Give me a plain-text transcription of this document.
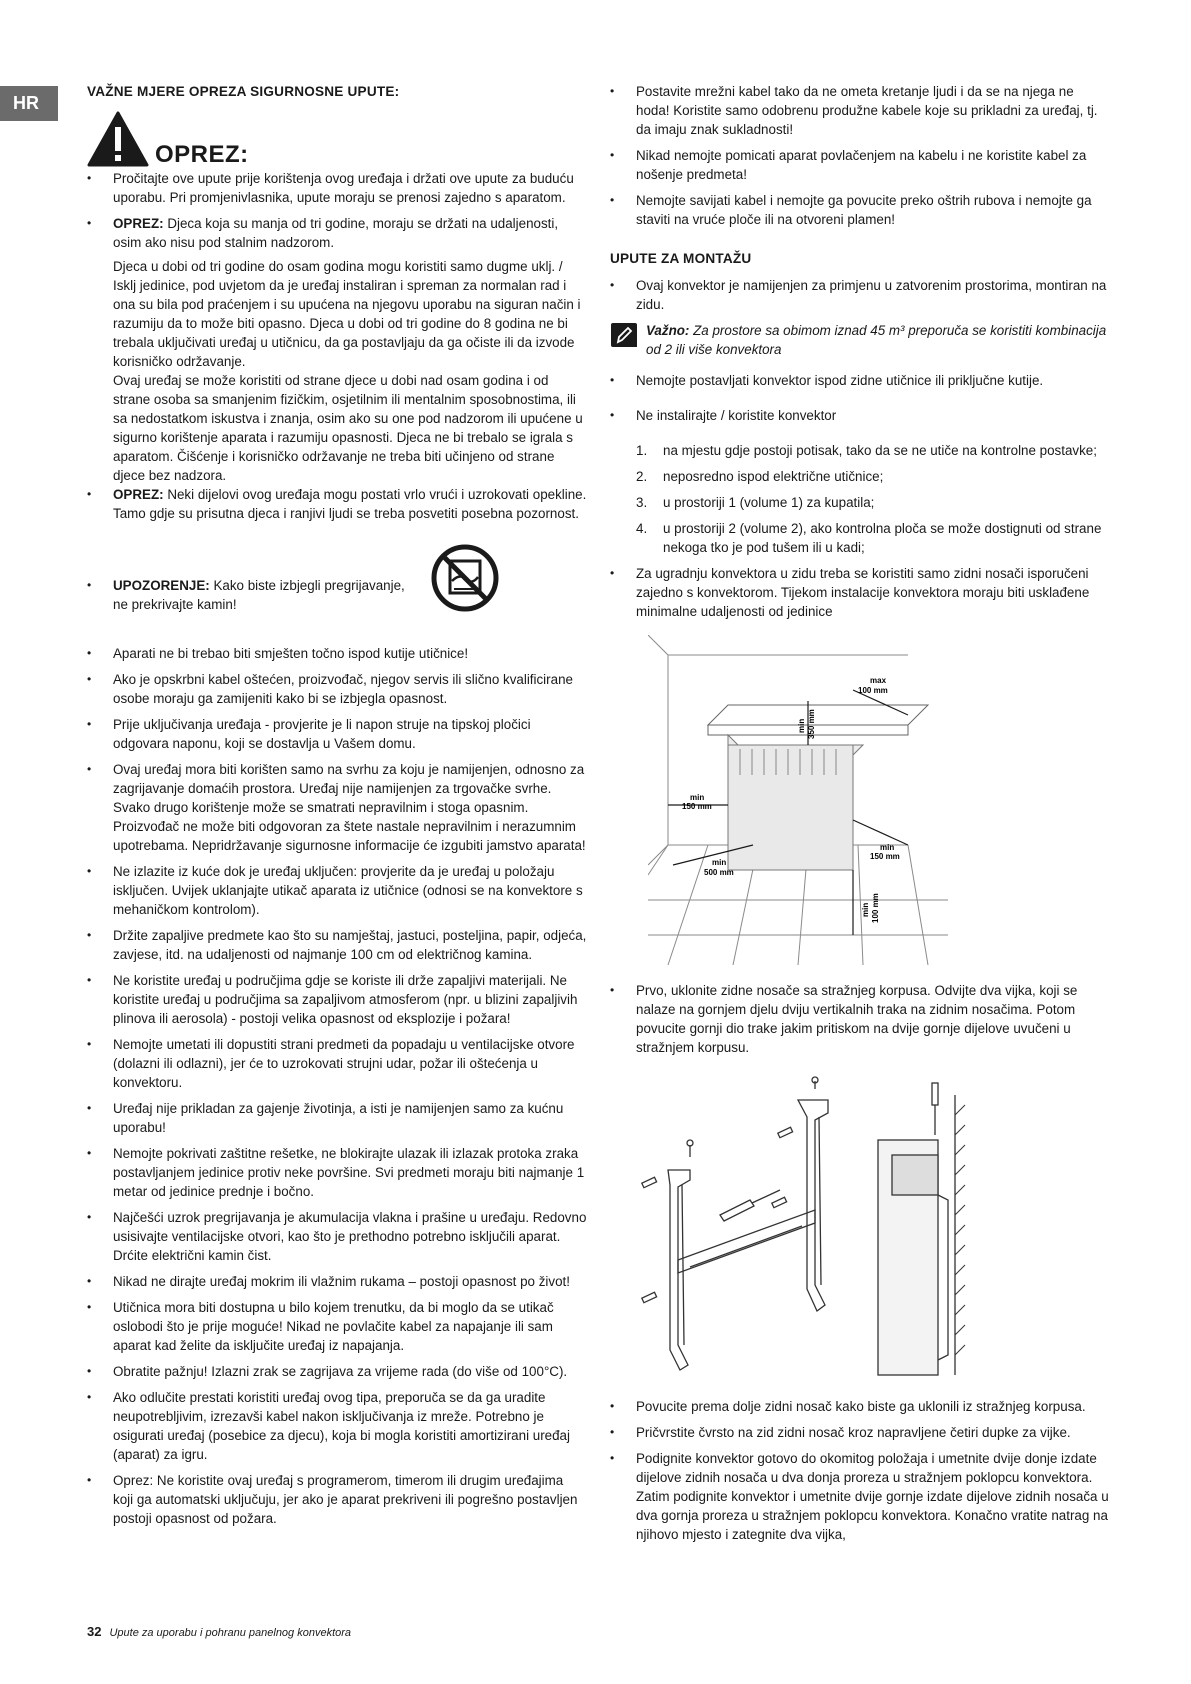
HR

VAŽNE MJERE OPREZA SIGURNOSNE UPUTE:

OPREZ:
• Pročitajte ove upute prije korištenja ovog uređaja i držati ove upute za buduću uporabu. Pri promjenivlasnika, upute moraju se prenosi zajedno s aparatom.
• OPREZ: Djeca koja su manja od tri godine, moraju se držati na udaljenosti, osim ako nisu pod stalnim nadzorom.

Djeca u dobi od tri godine do osam godina mogu koristiti samo dugme uklj. / Isklj jedinice, pod uvjetom da je uređaj instaliran i spreman za normalan rad i ona su bila pod praćenjem i su upućena na njegovu uporabu na siguran način i razumiju da to može biti opasno. Djeca u dobi od tri godine do 8 godina ne bi trebala uključivati uređaj u utičnicu, da ga postavljaju da ga očiste ili da izvode korisničko održavanje.

Ovaj uređaj se može koristiti od strane djece u dobi nad osam godina i od strane osoba sa smanjenim fizičkim, osjetilnim ili mentalnim sposobnostima, ili sa nedostatkom iskustva i znanja, osim ako su one pod nadzorom ili upućene u sigurno korištenje aparata i razumiju opasnosti. Djeca ne bi trebalo se igrala s aparatom. Čišćenje i korisničko održavanje ne treba biti učinjeno od strane djece bez nadzora.

• OPREZ: Neki dijelovi ovog uređaja mogu postati vrlo vrući i uzrokovati opekline. Tamo gdje su prisutna djeca i ranjivi ljudi se treba posvetiti posebna pozornost.
• UPOZORENJE: Kako biste izbjegli pregrijavanje, ne prekrivajte kamin!
• Aparati ne bi trebao biti smješten točno ispod kutije utičnice!
• Ako je opskrbni kabel oštećen, proizvođač, njegov servis ili slično kvalificirane osobe moraju ga zamijeniti kako bi se izbjegla opasnost.
• Prije uključivanja uređaja - provjerite je li napon struje na tipskoj pločici odgovara naponu, koji se dostavlja u Vašem domu.
• Ovaj uređaj mora biti korišten samo na svrhu za koju je namijenjen, odnosno za zagrijavanje domaćih prostora. Uređaj nije namijenjen za trgovačke svrhe. Svako drugo korištenje može se smatrati nepravilnim i stoga opasnim. Proizvođač ne može biti odgovoran za štete nastale nepravilnim i nerazumnim upotrebama. Nepridržavanje sigurnosne informacije će izgubiti jamstvo aparata!
• Ne izlazite iz kuće dok je uređaj uključen: provjerite da je uređaj u položaju isključen. Uvijek uklanjajte utikač aparata iz utičnice (odnosi se na konvektore s mehaničkom kontrolom).
• Držite zapaljive predmete kao što su namještaj, jastuci, posteljina, papir, odjeća, zavjese, itd. na udaljenosti od najmanje 100 cm od električnog kamina.
• Ne koristite uređaj u područjima gdje se koriste ili drže zapaljivi materijali. Ne koristite uređaj u područjima sa zapaljivom atmosferom (npr. u blizini zapaljivih plinova ili aerosola) - postoji velika opasnost od eksplozije i požara!
• Nemojte umetati ili dopustiti strani predmeti da popadaju u ventilacijske otvore (dolazni ili odlazni), jer će to uzrokovati strujni udar, požar ili oštećenja u konvektoru.
• Uređaj nije prikladan za gajenje životinja, a isti je namijenjen samo za kućnu uporabu!
• Nemojte pokrivati zaštitne rešetke, ne blokirajte ulazak ili izlazak protoka zraka postavljanjem jedinice protiv neke površine. Svi predmeti moraju biti najmanje 1 metar od jedinice prednje i bočno.
• Najčešći uzrok pregrijavanja je akumulacija vlakna i prašine u uređaju. Redovno usisivajte ventilacijske otvori, kao što je prethodno potrebno isključili aparat. Drćite električni kamin čist.
• Nikad ne dirajte uređaj mokrim ili vlažnim rukama – postoji opasnost po život!
• Utičnica mora biti dostupna u bilo kojem trenutku, da bi moglo da se utikač oslobodi što je prije moguće! Nikad ne povlačite kabel za napajanje ili sam aparat kad želite da isključite uređaj iz napajanja.
• Obratite pažnju! Izlazni zrak se zagrijava za vrijeme rada (do više od 100°C).
• Ako odlučite prestati koristiti uređaj ovog tipa, preporuča se da ga uradite neupotrebljivim, izrezavši kabel nakon isključivanja iz mreže. Potrebno je osigurati uređaj (posebice za djecu), koja bi mogla koristiti amortizirani uređaj (aparat) za igru.
• Oprez: Ne koristite ovaj uređaj s programerom, timerom ili drugim uređajima koji ga automatski uključuju, jer ako je aparat prekriveni ili pogrešno postavljen postoji opasnost od požara.
• Postavite mrežni kabel tako da ne ometa kretanje ljudi i da se na njega ne hoda! Koristite samo odobrenu produžne kabele koje su prikladni za uređaj, tj. da imaju znak sukladnosti!
• Nikad nemojte pomicati aparat povlačenjem na kabelu i ne koristite kabel za nošenje predmeta!
• Nemojte savijati kabel i nemojte ga povucite preko oštrih rubova i nemojte ga staviti na vruće ploče ili na otvoreni plamen!

UPUTE ZA MONTAŽU

• Ovaj konvektor je namijenjen za primjenu u zatvorenim prostorima, montiran na zidu.
Važno: Za prostore sa obimom iznad 45 m³ preporuča se koristiti kombinacija od 2 ili više konvektora
• Nemojte postavljati konvektor ispod zidne utičnice ili priključne kutije.
• Ne instalirajte / koristite konvektor
1. na mjestu gdje postoji potisak, tako da se ne utiče na kontrolne postavke;
2. neposredno ispod električne utičnice;
3. u prostoriji 1 (volume 1) za kupatila;
4. u prostoriji 2 (volume 2), ako kontrolna ploča se može dostignuti od strane nekoga tko je pod tušem ili u kadi;
• Za ugradnju konvektora u zidu treba se koristiti samo zidni nosači isporučeni zajedno s konvektorom. Tijekom instalacije konvektora moraju biti usklađene minimalne udaljenosti od jedinice
max
100 mm
min 350 mm
min
150 mm
min
150 mm
min
500 mm
min 100 mm
• Prvo, uklonite zidne nosače sa stražnjeg korpusa. Odvijte dva vijka, koji se nalaze na gornjem djelu dviju vertikalnih traka na zidnim nosačima. Potom povucite gornji dio trake jakim pritiskom na dvije gornje dijelove uvučeni u stražnjem korpusu.
• Povucite prema dolje zidni nosač kako biste ga uklonili iz stražnjeg korpusa.
• Pričvrstite čvrsto na zid zidni nosač kroz napravljene četiri dupke za vijke.
• Podignite konvektor gotovo do okomitog položaja i umetnite dvije donje izdate dijelove zidnih nosača u dva donja proreza u stražnjem poklopcu konvektora. Zatim podignite konvektor i umetnite dvije gornje izdate dijelove zidnih nosača u dva gornja proreza u stražnjem poklopcu konvektora. Konačno vratite natrag na njihovo mjesto i zategnite dva vijka,
32 Upute za uporabu i pohranu panelnog konvektora
